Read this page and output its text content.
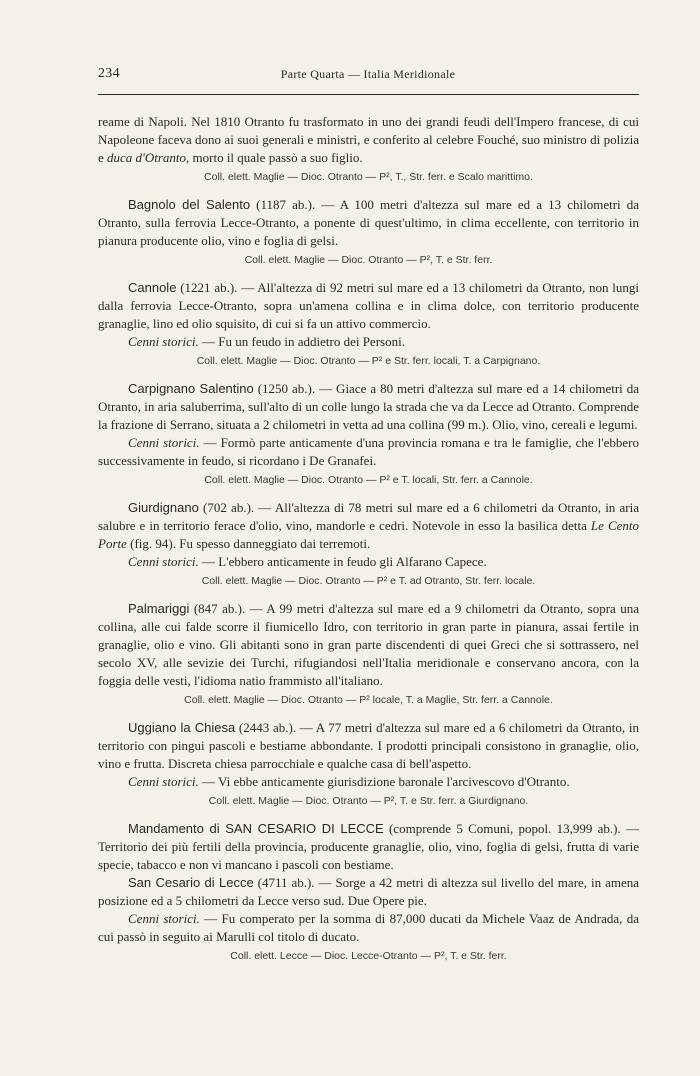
234	Parte Quarta — Italia Meridionale

reame di Napoli. Nel 1810 Otranto fu trasformato in uno dei grandi feudi dell'Impero francese, di cui Napoleone faceva dono ai suoi generali e ministri, e conferito al celebre Fouché, suo ministro di polizia e duca d'Otranto, morto il quale passò a suo figlio.

Coll. elett. Maglie — Dioc. Otranto — P², T., Str. ferr. e Scalo marittimo.

Bagnolo del Salento (1187 ab.). — A 100 metri d'altezza sul mare ed a 13 chilometri da Otranto, sulla ferrovia Lecce-Otranto, a ponente di quest'ultimo, in clima eccellente, con territorio in pianura producente olio, vino e foglia di gelsi.

Coll. elett. Maglie — Dioc. Otranto — P², T. e Str. ferr.

Cannole (1221 ab.). — All'altezza di 92 metri sul mare ed a 13 chilometri da Otranto, non lungi dalla ferrovia Lecce-Otranto, sopra un'amena collina e in clima dolce, con territorio producente granaglie, lino ed olio squisito, di cui si fa un attivo commercio.

Cenni storici. — Fu un feudo in addietro dei Personi.

Coll. elett. Maglie — Dioc. Otranto — P² e Str. ferr. locali, T. a Carpignano.

Carpignano Salentino (1250 ab.). — Giace a 80 metri d'altezza sul mare ed a 14 chilometri da Otranto, in aria saluberrima, sull'alto di un colle lungo la strada che va da Lecce ad Otranto. Comprende la frazione di Serrano, situata a 2 chilometri in vetta ad una collina (99 m.). Olio, vino, cereali e legumi.

Cenni storici. — Formò parte anticamente d'una provincia romana e tra le famiglie, che l'ebbero successivamente in feudo, si ricordano i De Granafei.

Coll. elett. Maglie — Dioc. Otranto — P² e T. locali, Str. ferr. a Cannole.

Giurdignano (702 ab.). — All'altezza di 78 metri sul mare ed a 6 chilometri da Otranto, in aria salubre e in territorio ferace d'olio, vino, mandorle e cedri. Notevole in esso la basilica detta Le Cento Porte (fig. 94). Fu spesso danneggiato dai terremoti.

Cenni storici. — L'ebbero anticamente in feudo gli Alfarano Capece.

Coll. elett. Maglie — Dioc. Otranto — P² e T. ad Otranto, Str. ferr. locale.

Palmariggi (847 ab.). — A 99 metri d'altezza sul mare ed a 9 chilometri da Otranto, sopra una collina, alle cui falde scorre il fiumicello Idro, con territorio in gran parte in pianura, assai fertile in granaglie, olio e vino. Gli abitanti sono in gran parte discendenti di quei Greci che si sottrassero, nel secolo XV, alle sevizie dei Turchi, rifugiandosi nell'Italia meridionale e conservano ancora, con la foggia delle vesti, l'idioma natio frammisto all'italiano.

Coll. elett. Maglie — Dioc. Otranto — P² locale, T. a Maglie, Str. ferr. a Cannole.

Uggiano la Chiesa (2443 ab.). — A 77 metri d'altezza sul mare ed a 6 chilometri da Otranto, in territorio con pingui pascoli e bestiame abbondante. I prodotti principali consistono in granaglie, olio, vino e frutta. Discreta chiesa parrocchiale e qualche casa di bell'aspetto.

Cenni storici. — Vi ebbe anticamente giurisdizione baronale l'arcivescovo d'Otranto.

Coll. elett. Maglie — Dioc. Otranto — P², T. e Str. ferr. a Giurdignano.

Mandamento di SAN CESARIO DI LECCE (comprende 5 Comuni, popol. 13,999 ab.). — Territorio dei più fertili della provincia, producente granaglie, olio, vino, foglia di gelsi, frutta di varie specie, tabacco e non vi mancano i pascoli con bestiame.

San Cesario di Lecce (4711 ab.). — Sorge a 42 metri di altezza sul livello del mare, in amena posizione ed a 5 chilometri da Lecce verso sud. Due Opere pie.

Cenni storici. — Fu comperato per la somma di 87,000 ducati da Michele Vaaz de Andrada, da cui passò in seguito ai Marulli col titolo di ducato.

Coll. elett. Lecce — Dioc. Lecce-Otranto — P², T. e Str. ferr.
